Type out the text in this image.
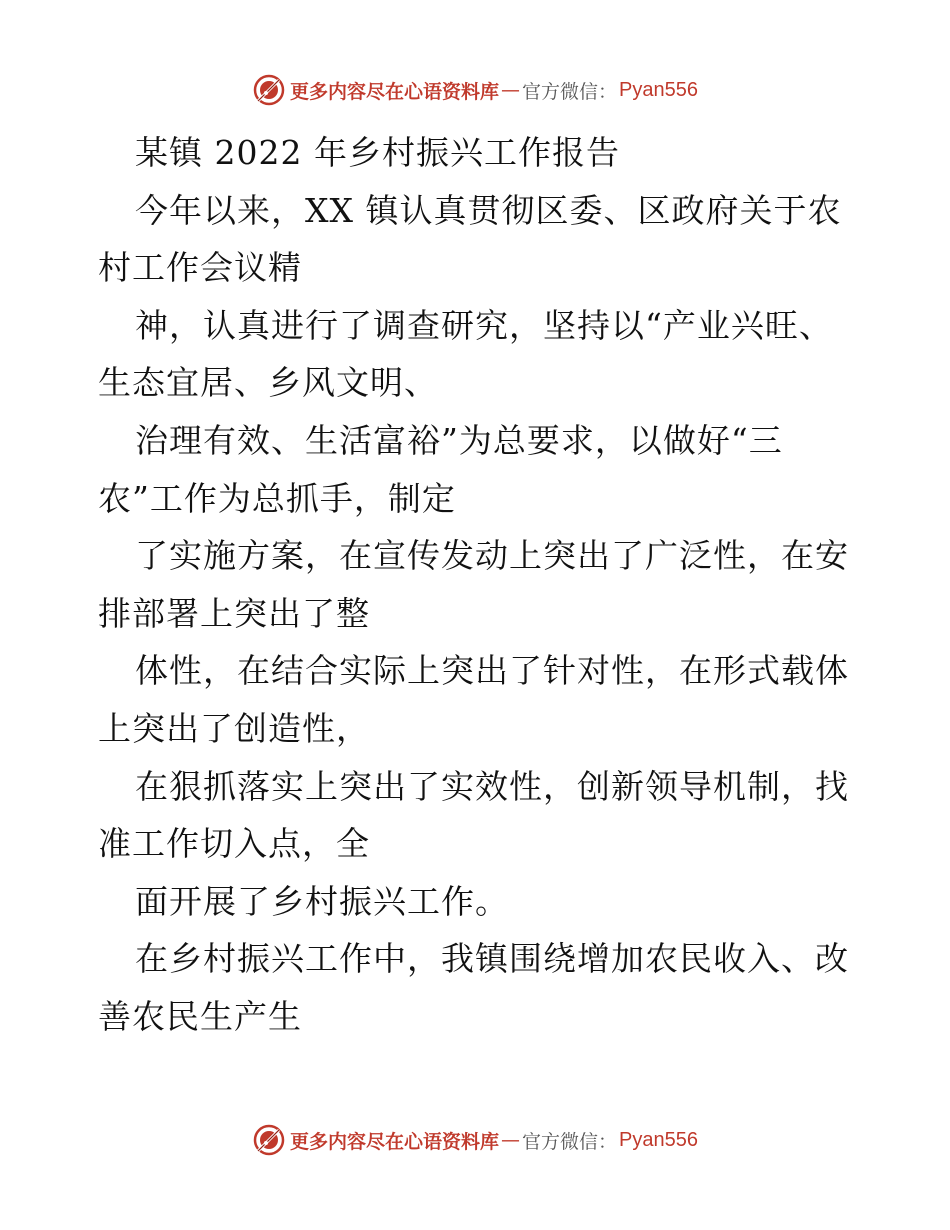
更多内容尽在心语资料库 — 官方微信： Pyan556
某镇 2022 年乡村振兴工作报告
今年以来，XX 镇认真贯彻区委、区政府关于农
村工作会议精
神，认真进行了调查研究，坚持以“产业兴旺、
生态宜居、乡风文明、
治理有效、生活富裕”为总要求，以做好“三
农”工作为总抓手，制定
了实施方案，在宣传发动上突出了广泛性，在安
排部署上突出了整
体性，在结合实际上突出了针对性，在形式载体
上突出了创造性，
在狠抓落实上突出了实效性，创新领导机制，找
准工作切入点，全
面开展了乡村振兴工作。
在乡村振兴工作中，我镇围绕增加农民收入、改
善农民生产生
更多内容尽在心语资料库 — 官方微信： Pyan556
